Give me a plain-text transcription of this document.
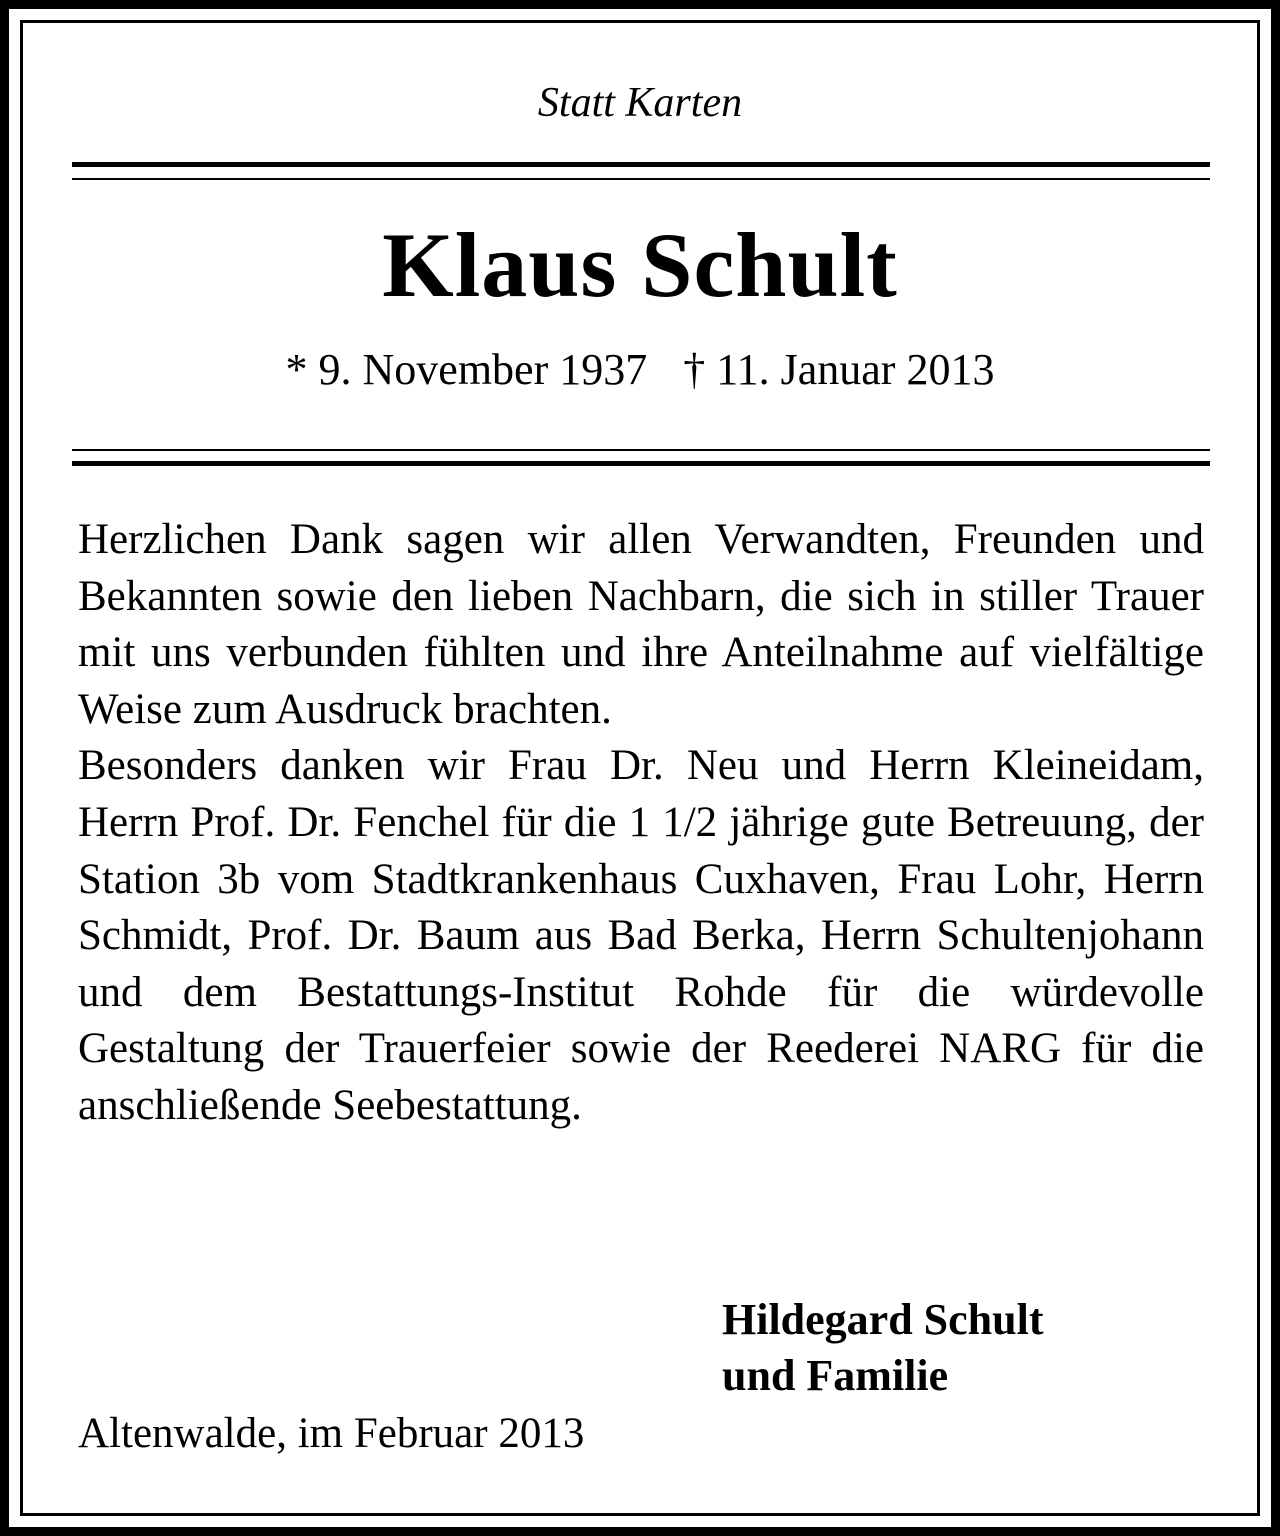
Statt Karten
Klaus Schult
* 9. November 1937 † 11. Januar 2013

Herzlichen Dank sagen wir allen Verwandten, Freunden und Bekannten sowie den lieben Nachbarn, die sich in stiller Trauer mit uns verbunden fühlten und ihre Anteilnahme auf vielfältige Weise zum Ausdruck brachten.

Besonders danken wir Frau Dr. Neu und Herrn Kleineidam, Herrn Prof. Dr. Fenchel für die 1 1/2 jährige gute Betreuung, der Station 3b vom Stadtkrankenhaus Cuxhaven, Frau Lohr, Herrn Schmidt, Prof. Dr. Baum aus Bad Berka, Herrn Schultenjohann und dem Bestattungs-Institut Rohde für die würdevolle Gestaltung der Trauerfeier sowie der Reederei NARG für die anschließende Seebestattung.

Hildegard Schult
und Familie
Altenwalde, im Februar 2013
